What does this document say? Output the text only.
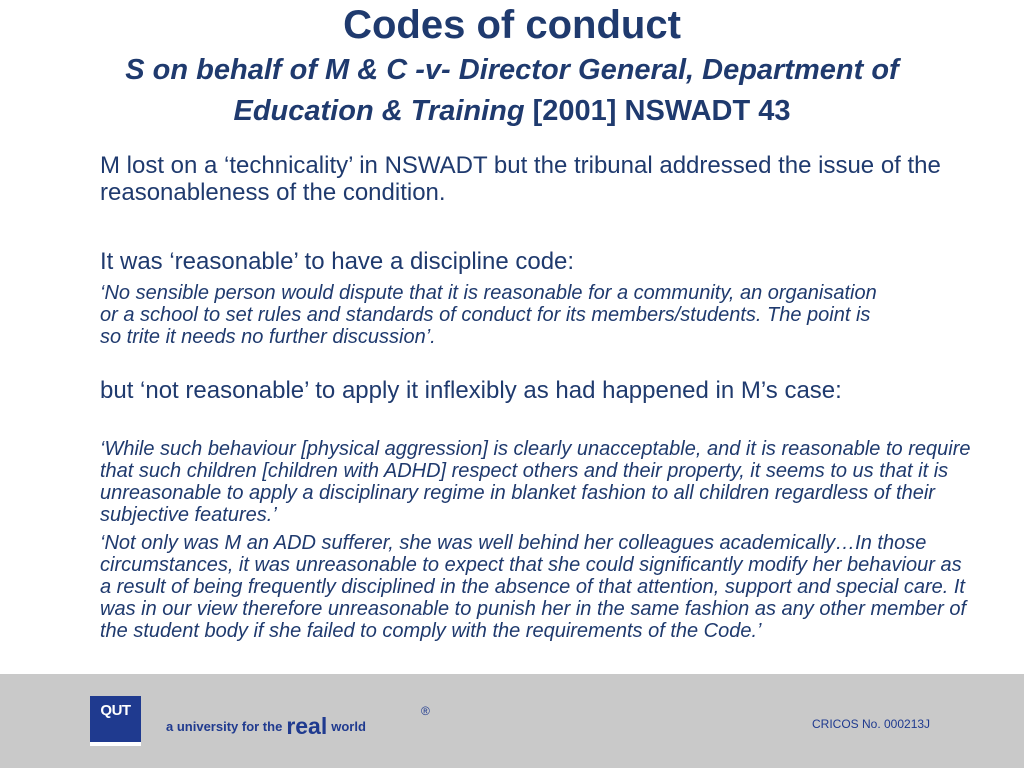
Codes of conduct
S on behalf of M & C -v- Director General, Department of Education & Training [2001] NSWADT 43

M lost on a ‘technicality’ in NSWADT but the tribunal addressed the issue of the reasonableness of the condition.

It was ‘reasonable’ to have a discipline code:

‘No sensible person would dispute that it is reasonable for a community, an organisation or a school to set rules and standards of conduct for its members/students. The point is so trite it needs no further discussion’.

but ‘not reasonable’ to apply it inflexibly as had happened in M’s case:

‘While such behaviour [physical aggression] is clearly unacceptable, and it is reasonable to require that such children [children with ADHD] respect others and their property, it seems to us that it is unreasonable to apply a disciplinary regime in blanket fashion to all children regardless of their subjective features.’

‘Not only was M an ADD sufferer, she was well behind her colleagues academically…In those circumstances, it was unreasonable to expect that she could significantly modify her behaviour as a result of being frequently disciplined in the absence of that attention, support and special care. It was in our view therefore unreasonable to punish her in the same fashion as any other member of the student body if she failed to comply with the requirements of the Code.’

QUT
a university for the real world
®
CRICOS No. 000213J
